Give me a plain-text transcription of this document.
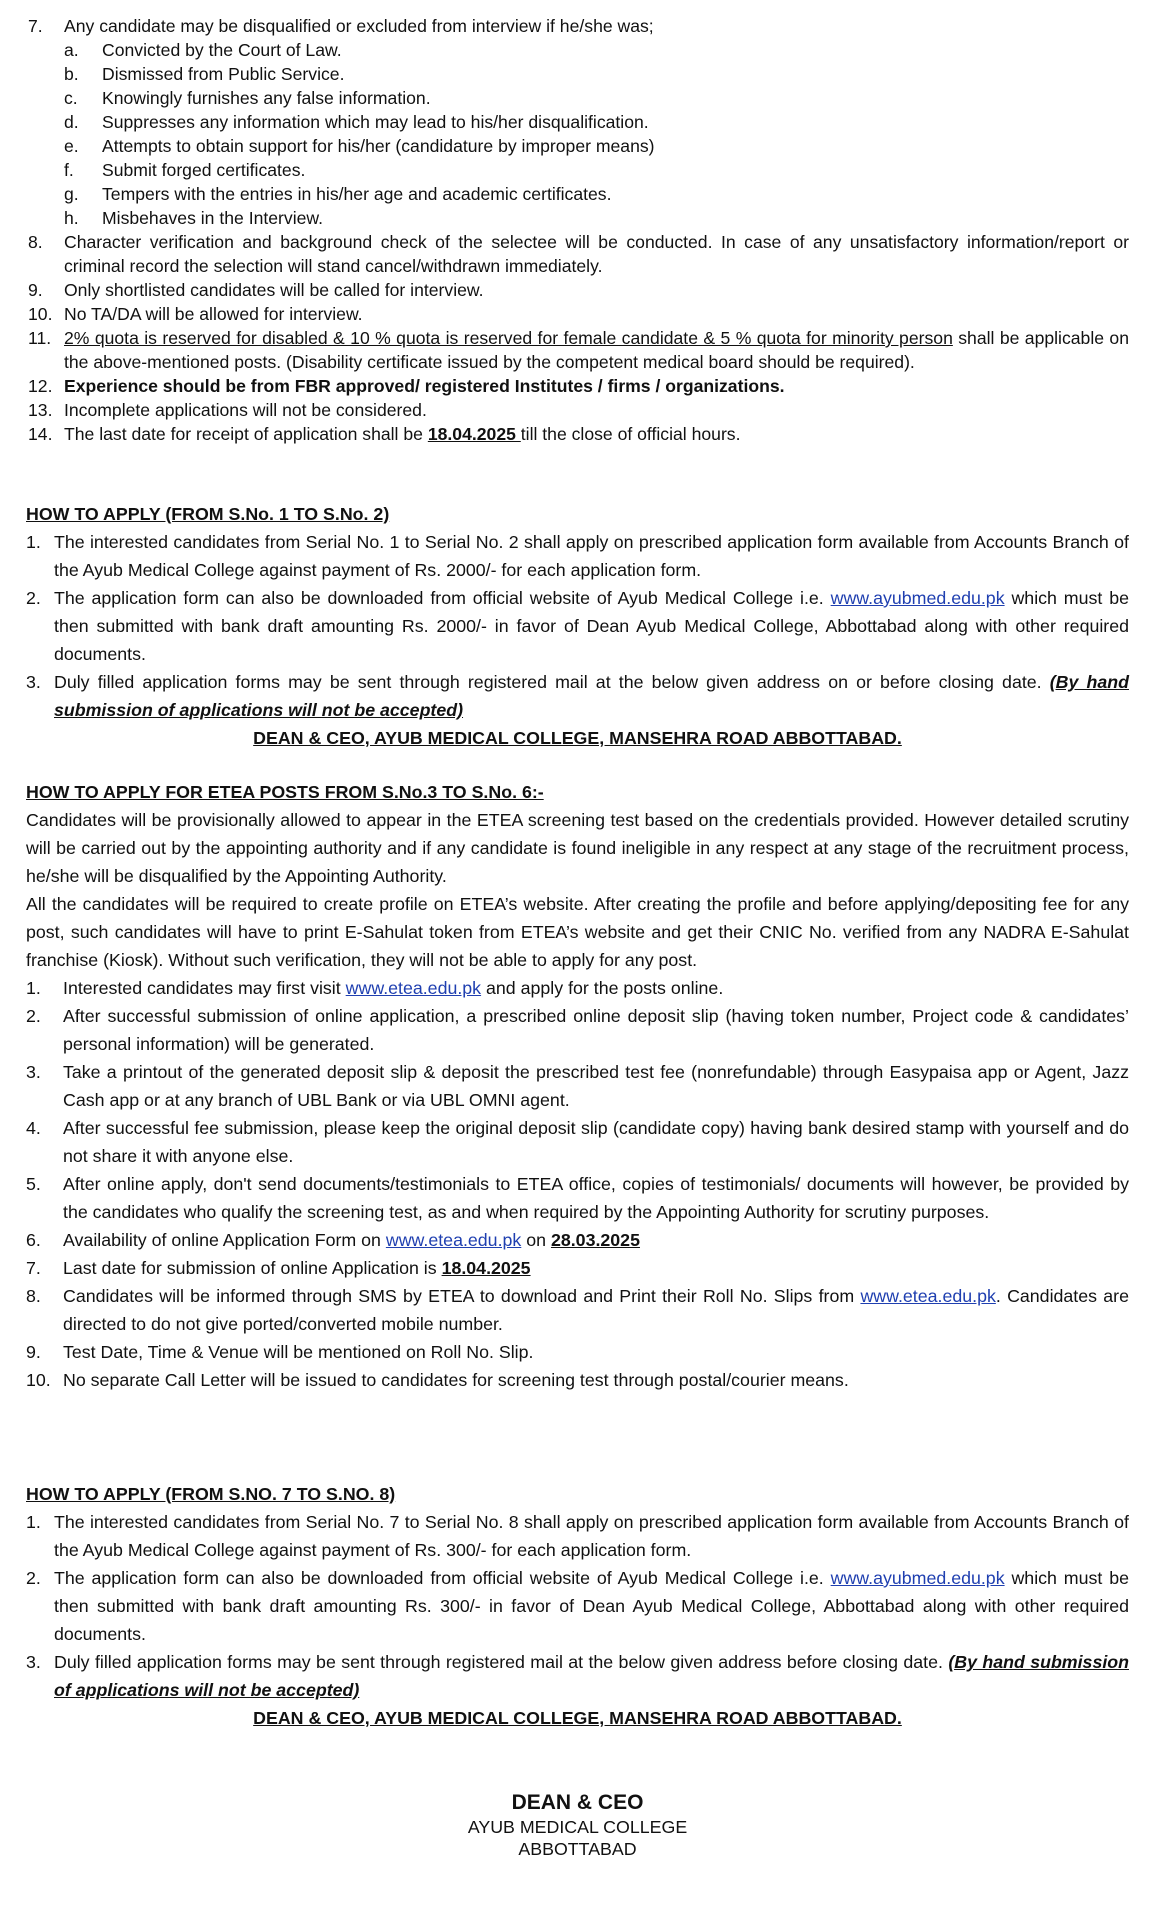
7.	Any candidate may be disqualified or excluded from interview if he/she was;
a.	Convicted by the Court of Law.
b.	Dismissed from Public Service.
c.	Knowingly furnishes any false information.
d.	Suppresses any information which may lead to his/her disqualification.
e.	Attempts to obtain support for his/her (candidature by improper means)
f.	Submit forged certificates.
g.	Tempers with the entries in his/her age and academic certificates.
h.	Misbehaves in the Interview.
8.	Character verification and background check of the selectee will be conducted. In case of any unsatisfactory information/report or criminal record the selection will stand cancel/withdrawn immediately.
9.	Only shortlisted candidates will be called for interview.
10. No TA/DA will be allowed for interview.
11. 2% quota is reserved for disabled & 10 % quota is reserved for female candidate & 5 % quota for minority person shall be applicable on the above-mentioned posts. (Disability certificate issued by the competent medical board should be required).
12. Experience should be from FBR approved/ registered Institutes / firms / organizations.
13. Incomplete applications will not be considered.
14. The last date for receipt of application shall be 18.04.2025 till the close of official hours.
HOW TO APPLY (FROM S.No. 1 TO S.No. 2)
1. The interested candidates from Serial No. 1 to Serial No. 2 shall apply on prescribed application form available from Accounts Branch of the Ayub Medical College against payment of Rs. 2000/- for each application form.
2. The application form can also be downloaded from official website of Ayub Medical College i.e. www.ayubmed.edu.pk which must be then submitted with bank draft amounting Rs. 2000/- in favor of Dean Ayub Medical College, Abbottabad along with other required documents.
3. Duly filled application forms may be sent through registered mail at the below given address on or before closing date. (By hand submission of applications will not be accepted)
DEAN & CEO, AYUB MEDICAL COLLEGE, MANSEHRA ROAD ABBOTTABAD.
HOW TO APPLY FOR ETEA POSTS FROM S.No.3 TO S.No. 6:-
Candidates will be provisionally allowed to appear in the ETEA screening test based on the credentials provided. However detailed scrutiny will be carried out by the appointing authority and if any candidate is found ineligible in any respect at any stage of the recruitment process, he/she will be disqualified by the Appointing Authority.
All the candidates will be required to create profile on ETEA’s website. After creating the profile and before applying/depositing fee for any post, such candidates will have to print E-Sahulat token from ETEA’s website and get their CNIC No. verified from any NADRA E-Sahulat franchise (Kiosk). Without such verification, they will not be able to apply for any post.
1.	Interested candidates may first visit www.etea.edu.pk and apply for the posts online.
2.	After successful submission of online application, a prescribed online deposit slip (having token number, Project code & candidates’ personal information) will be generated.
3.	Take a printout of the generated deposit slip & deposit the prescribed test fee (nonrefundable) through Easypaisa app or Agent, Jazz Cash app or at any branch of UBL Bank or via UBL OMNI agent.
4.	After successful fee submission, please keep the original deposit slip (candidate copy) having bank desired stamp with yourself and do not share it with anyone else.
5.	After online apply, don't send documents/testimonials to ETEA office, copies of testimonials/ documents will however, be provided by the candidates who qualify the screening test, as and when required by the Appointing Authority for scrutiny purposes.
6.	Availability of online Application Form on www.etea.edu.pk on 28.03.2025
7.	Last date for submission of online Application is 18.04.2025
8.	Candidates will be informed through SMS by ETEA to download and Print their Roll No. Slips from www.etea.edu.pk. Candidates are directed to do not give ported/converted mobile number.
9.	Test Date, Time & Venue will be mentioned on Roll No. Slip.
10. No separate Call Letter will be issued to candidates for screening test through postal/courier means.
HOW TO APPLY (FROM S.NO. 7 TO S.NO. 8)
1. The interested candidates from Serial No. 7 to Serial No. 8 shall apply on prescribed application form available from Accounts Branch of the Ayub Medical College against payment of Rs. 300/- for each application form.
2. The application form can also be downloaded from official website of Ayub Medical College i.e. www.ayubmed.edu.pk which must be then submitted with bank draft amounting Rs. 300/- in favor of Dean Ayub Medical College, Abbottabad along with other required documents.
3. Duly filled application forms may be sent through registered mail at the below given address before closing date. (By hand submission of applications will not be accepted)
DEAN & CEO, AYUB MEDICAL COLLEGE, MANSEHRA ROAD ABBOTTABAD.
DEAN & CEO
AYUB MEDICAL COLLEGE
ABBOTTABAD
